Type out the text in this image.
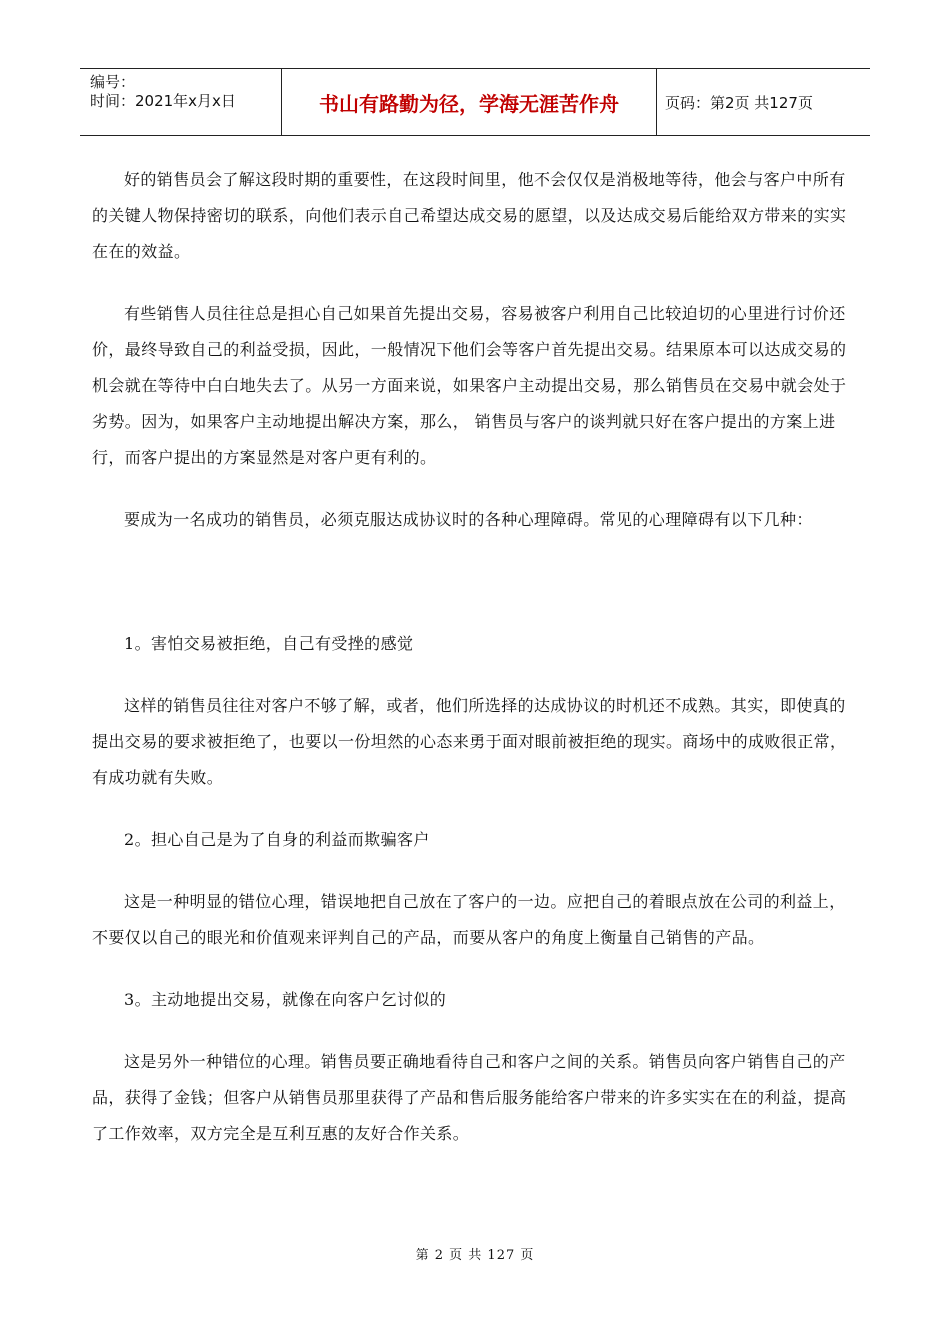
编号：
时间：2021年x月x日	书山有路勤为径，学海无涯苦作舟	页码：第2页 共127页

好的销售员会了解这段时期的重要性，在这段时间里，他不会仅仅是消极地等待，他会与客户中所有的关键人物保持密切的联系，向他们表示自己希望达成交易的愿望，以及达成交易后能给双方带来的实实在在的效益。

有些销售人员往往总是担心自己如果首先提出交易，容易被客户利用自己比较迫切的心里进行讨价还价，最终导致自己的利益受损，因此，一般情况下他们会等客户首先提出交易。结果原本可以达成交易的机会就在等待中白白地失去了。从另一方面来说，如果客户主动提出交易，那么销售员在交易中就会处于劣势。因为，如果客户主动地提出解决方案，那么， 销售员与客户的谈判就只好在客户提出的方案上进行，而客户提出的方案显然是对客户更有利的。

要成为一名成功的销售员，必须克服达成协议时的各种心理障碍。常见的心理障碍有以下几种：

1。害怕交易被拒绝，自己有受挫的感觉

这样的销售员往往对客户不够了解，或者，他们所选择的达成协议的时机还不成熟。其实，即使真的提出交易的要求被拒绝了，也要以一份坦然的心态来勇于面对眼前被拒绝的现实。商场中的成败很正常，有成功就有失败。

2。担心自己是为了自身的利益而欺骗客户

这是一种明显的错位心理，错误地把自己放在了客户的一边。应把自己的着眼点放在公司的利益上，不要仅以自己的眼光和价值观来评判自己的产品，而要从客户的角度上衡量自己销售的产品。

3。主动地提出交易，就像在向客户乞讨似的

这是另外一种错位的心理。销售员要正确地看待自己和客户之间的关系。销售员向客户销售自己的产品，获得了金钱；但客户从销售员那里获得了产品和售后服务能给客户带来的许多实实在在的利益，提高了工作效率，双方完全是互利互惠的友好合作关系。

第 2 页 共 127 页
